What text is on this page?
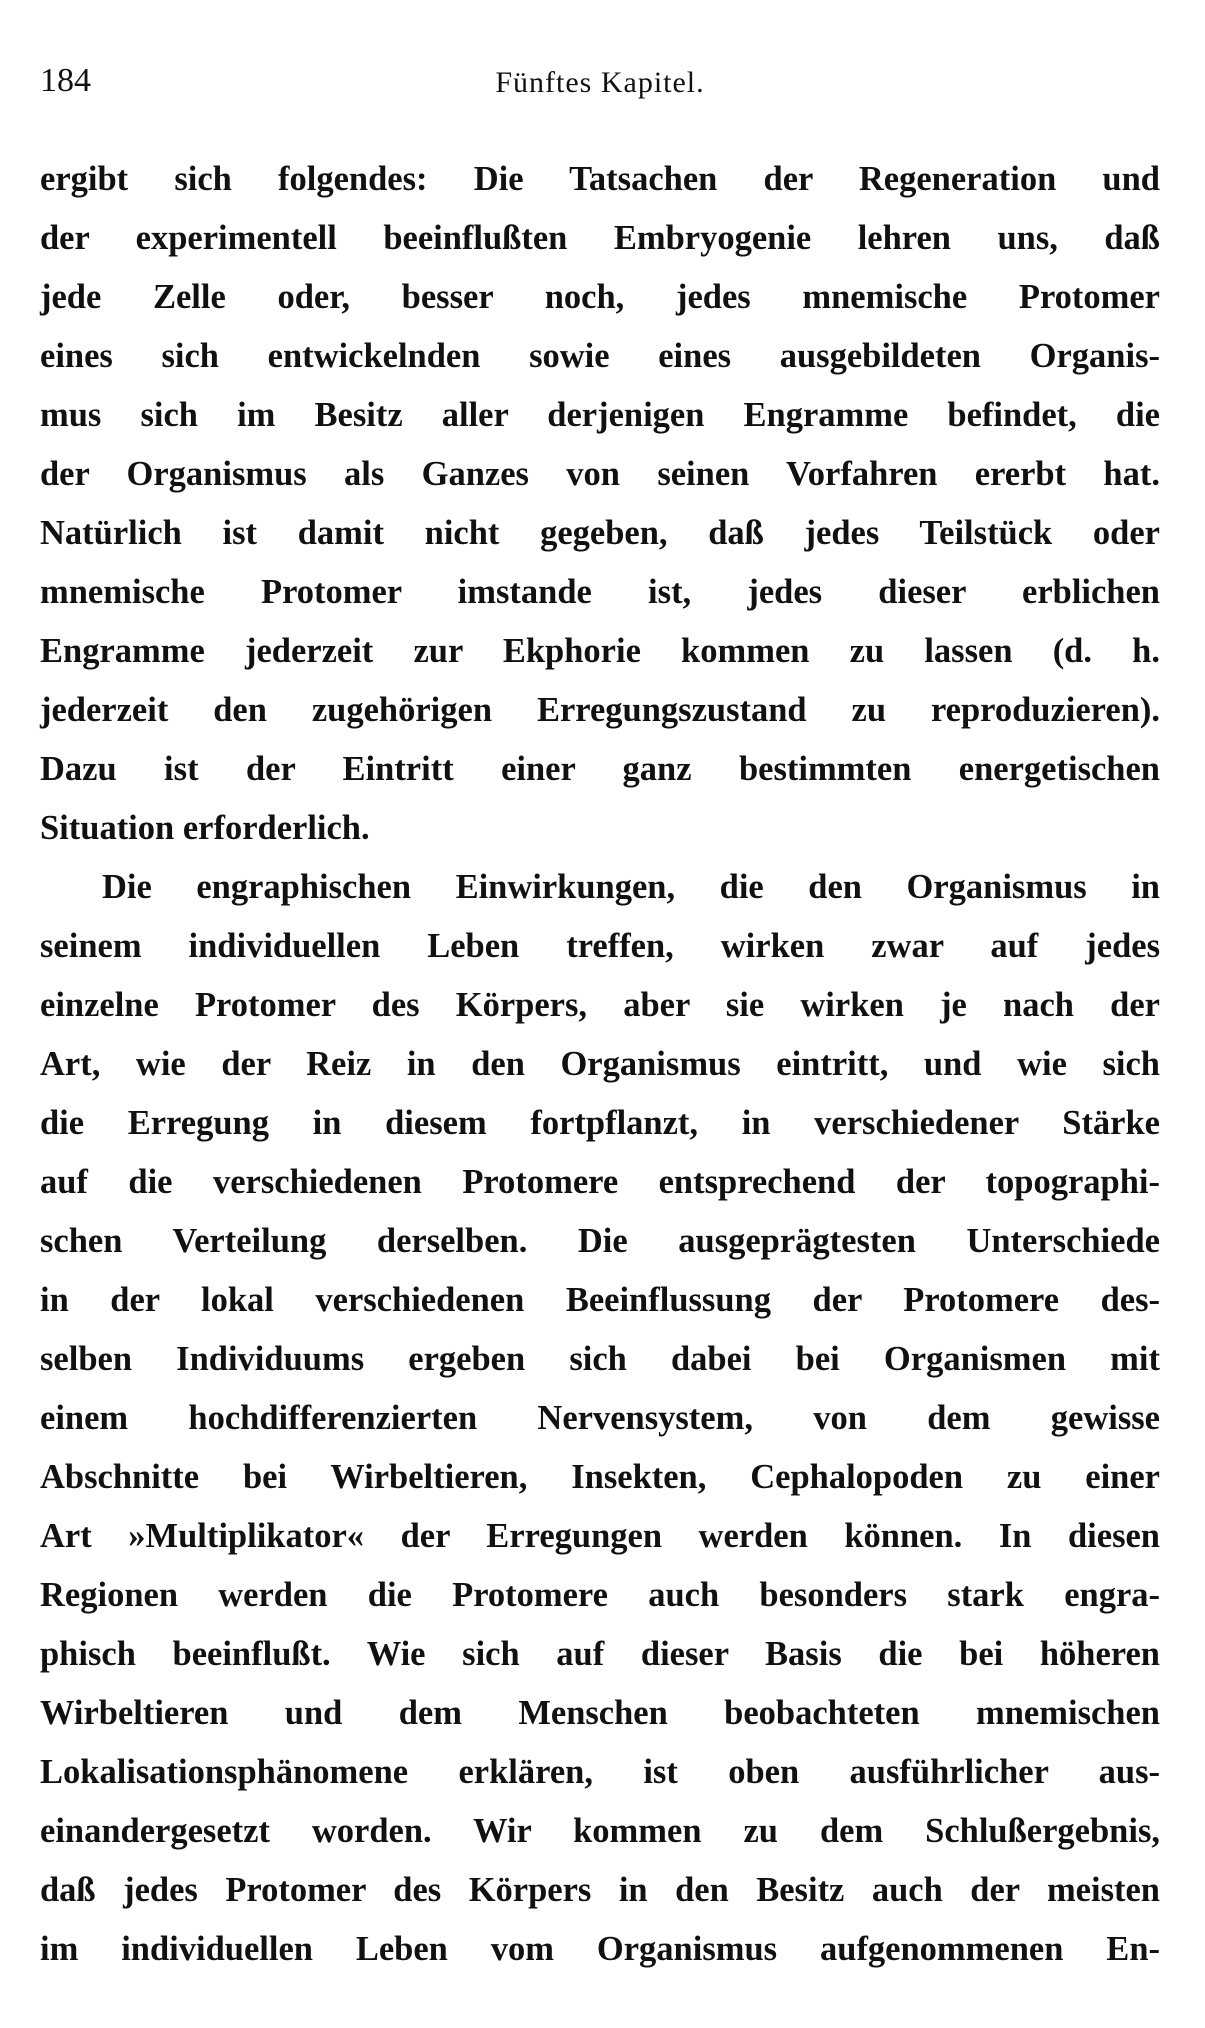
184	Fünftes Kapitel.
ergibt sich folgendes: Die Tatsachen der Regeneration und
der experimentell beeinflußten Embryogenie lehren uns, daß
jede Zelle oder, besser noch, jedes mnemische Protomer
eines sich entwickelnden sowie eines ausgebildeten Organis-
mus sich im Besitz aller derjenigen Engramme befindet, die
der Organismus als Ganzes von seinen Vorfahren ererbt hat.
Natürlich ist damit nicht gegeben, daß jedes Teilstück oder
mnemische Protomer imstande ist, jedes dieser erblichen
Engramme jederzeit zur Ekphorie kommen zu lassen (d. h.
jederzeit den zugehörigen Erregungszustand zu reproduzieren).
Dazu ist der Eintritt einer ganz bestimmten energetischen
Situation erforderlich.
Die engraphischen Einwirkungen, die den Organismus in
seinem individuellen Leben treffen, wirken zwar auf jedes
einzelne Protomer des Körpers, aber sie wirken je nach der
Art, wie der Reiz in den Organismus eintritt, und wie sich
die Erregung in diesem fortpflanzt, in verschiedener Stärke
auf die verschiedenen Protomere entsprechend der topographi-
schen Verteilung derselben. Die ausgeprägtesten Unterschiede
in der lokal verschiedenen Beeinflussung der Protomere des-
selben Individuums ergeben sich dabei bei Organismen mit
einem hochdifferenzierten Nervensystem, von dem gewisse
Abschnitte bei Wirbeltieren, Insekten, Cephalopoden zu einer
Art »Multiplikator« der Erregungen werden können. In diesen
Regionen werden die Protomere auch besonders stark engra-
phisch beeinflußt. Wie sich auf dieser Basis die bei höheren
Wirbeltieren und dem Menschen beobachteten mnemischen
Lokalisationsphänomene erklären, ist oben ausführlicher aus-
einandergesetzt worden. Wir kommen zu dem Schlußergebnis,
daß jedes Protomer des Körpers in den Besitz auch der meisten
im individuellen Leben vom Organismus aufgenommenen En-
